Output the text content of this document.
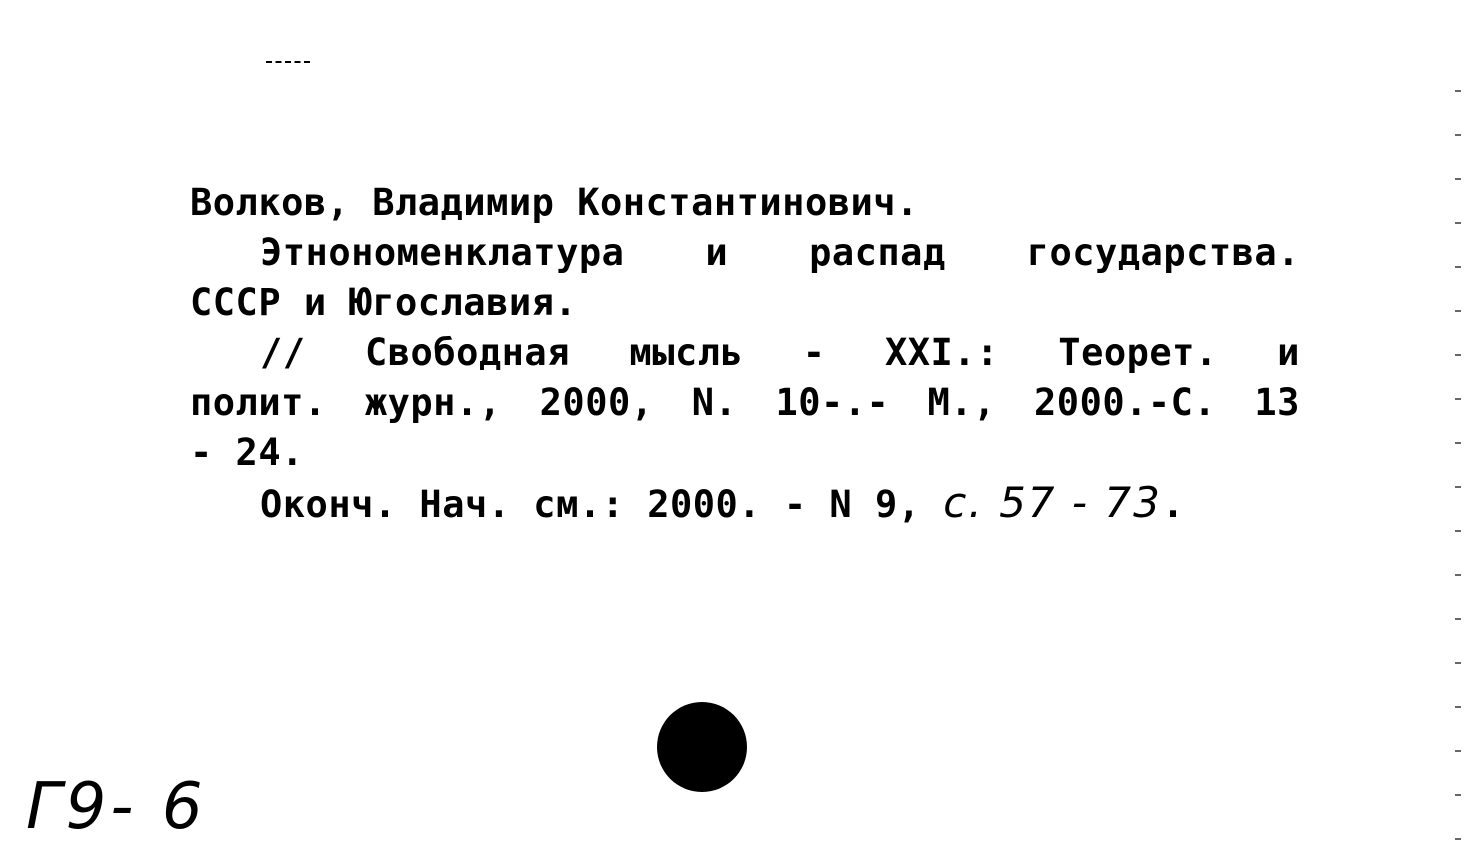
Волков, Владимир Константинович.
Этнономенклатура и распад государства.
СССР и Югославия.
// Свободная мысль - XXI.: Теорет. и
полит. журн., 2000, N. 10-.- М., 2000.-С. 13
- 24.
Оконч. Нач. см.: 2000. - N 9, с. 57 - 73.
Г9- 6
